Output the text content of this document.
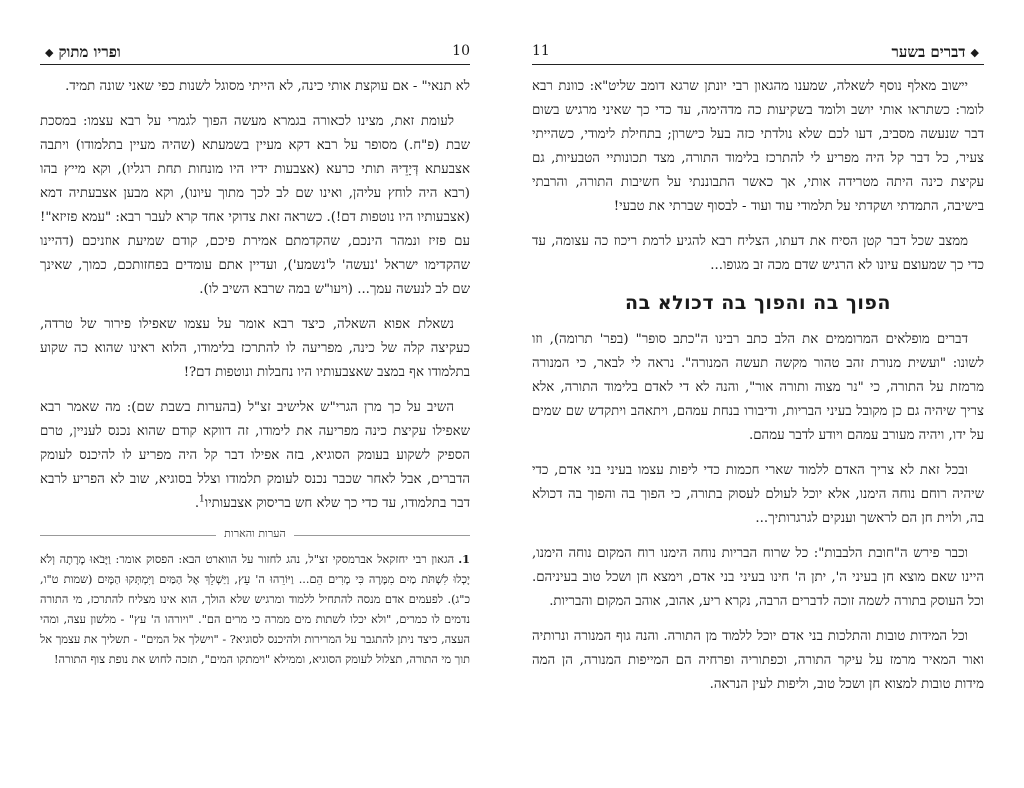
10
ופריו מתוק◆

לא תנאי" - אם עוקצת אותי כינה, לא הייתי מסוגל לשנות כפי שאני שונה תמיד.

לעומת זאת, מצינו לכאורה בגמרא מעשה הפוך לגמרי על רבא עצמו: במסכת שבת (פ"ח.) מסופר על רבא דקא מעיין בשמעתא (שהיה מעיין בתלמודו) ויתבה אצבעתא דְּיָדֵיהּ תותי כרעא (אצבעות ידיו היו מונחות תחת רגליו), וקא מייץ בהו (רבא היה לוחץ עליהן, ואינו שם לב לכך מתוך עיונו), וקא מבען אצבעתיה דמא (אצבעותיו היו נוטפות דם!). כשראה זאת צדוקי אחד קרא לעבר רבא: "עמא פזיזא"! עם פזיז ונמהר הינכם, שהקדמתם אמירת פיכם, קודם שמיעת אוזניכם (דהיינו שהקדימו ישראל 'נעשה' ל'נשמע'), ועדיין אתם עומדים בפחזותכם, כמוך, שאינך שם לב לנעשה עמך... (ויעו"ש במה שרבא השיב לו).

נשאלת אפוא השאלה, כיצד רבא אומר על עצמו שאפילו פירור של טרדה, כעקיצה קלה של כינה, מפריעה לו להתרכז בלימודו, הלוא ראינו שהוא כה שקוע בתלמודו אף במצב שאצבעותיו היו נחבלות ונוטפות דם?!

השיב על כך מרן הגרי"ש אלישיב זצ"ל (בהערות בשבת שם): מה שאמר רבא שאפילו עקיצת כינה מפריעה את לימודו, זה דווקא קודם שהוא נכנס לעניין, טרם הספיק לשקוע בעומק הסוגיא, בזה אפילו דבר קל היה מפריע לו להיכנס לעומק הדברים, אבל לאחר שכבר נכנס לעומק תלמודו וצלל בסוגיא, שוב לא הפריע לרבא דבר בתלמודו, עד כדי כך שלא חש בריסוק אצבעותיו$^1$.

הערות והארות

1.הגאון רבי יחזקאל אברמסקי זצ"ל, נהג לחזור על הווארט הבא: הפסוק אומר: וַיָּבֹאוּ מָרָתָה וְלֹא יָכְלוּ לִשְׁתֹּת מַיִם מִמָּרָה כִּי מָרִים הֵם... וַיּוֹרֵהוּ ה' עֵץ, וַיַּשְׁלֵךְ אֶל הַמַּיִם וַיִּמְתְּקוּ הַמָּיִם (שמות ט"ו, כ"ג). לפעמים אדם מנסה להתחיל ללמוד ומרגיש שלא הולך, הוא אינו מצליח להתרכז, מי התורה נדמים לו כמרים, "ולא יכלו לשתות מים ממרה כי מרים הם". "ויורהו ה' עץ" - מלשון עצה, ומהי העצה, כיצד ניתן להתגבר על המרירות ולהיכנס לסוגיא? - "וישלך אל המים" - תשליך את עצמך אל תוך מי התורה, תצלול לעומק הסוגיא, וממילא "וימתקו המים", תזכה לחוש את נופת צוף התורה!

11	◆דברים בשער

יישוב מאלף נוסף לשאלה, שמענו מהגאון רבי יונתן שרגא דומב שליט"א: כוונת רבא לומר: כשתראו אותי יושב ולומד בשקיעות כה מדהימה, עד כדי כך שאיני מרגיש בשום דבר שנעשה מסביב, דעו לכם שלא נולדתי כזה בעל כישרון; בתחילת לימודי, כשהייתי צעיר, כל דבר קל היה מפריע לי להתרכז בלימוד התורה, מצד תכונותיי הטבעיות, גם עקיצת כינה היתה מטרידה אותי, אך כאשר התבוננתי על חשיבות התורה, והרבתי בישיבה, התמדתי ושקדתי על תלמודי עוד ועוד - לבסוף שברתי את טבעי!

ממצב שכל דבר קטן הסיח את דעתו, הצליח רבא להגיע לרמת ריכוז כה עצומה, עד כדי כך שמעוצם עיונו לא הרגיש שדם מכה זב מגופו...

הפוך בה והפוך בה דכולא בה

דברים מופלאים המרוממים את הלב כתב רבינו ה"כתב סופר" (בפר' תרומה), וזו לשונו: "ועשית מנורת זהב טהור מקשה תעשה המנורה". נראה לי לבאר, כי המנורה מרמזת על התורה, כי "נר מצוה ותורה אור", והנה לא די לאדם בלימוד התורה, אלא צריך שיהיה גם כן מקובל בעיני הבריות, ודיבורו בנחת עמהם, ויתאהב ויתקדש שם שמים על ידו, ויהיה מעורב עמהם ויודע לדבר עמהם.

ובכל זאת לא צריך האדם ללמוד שארי חכמות כדי ליפות עצמו בעיני בני אדם, כדי שיהיה רוחם נוחה הימנו, אלא יוכל לעולם לעסוק בתורה, כי הפוך בה והפוך בה דכולא בה, ולוית חן הם לראשך וענקים לגרגרותיך...

וכבר פירש ה"חובת הלבבות": כל שרוח הבריות נוחה הימנו רוח המקום נוחה הימנו, היינו שאם מוצא חן בעיני ה', יתן ה' חינו בעיני בני אדם, וימצא חן ושכל טוב בעיניהם. וכל העוסק בתורה לשמה זוכה לדברים הרבה, נקרא ריע, אהוב, אוהב המקום והבריות.

וכל המידות טובות והתלכות בני אדם יוכל ללמוד מן התורה. והנה גוף המנורה ונרותיה ואור המאיר מרמז על עיקר התורה, וכפתוריה ופרחיה הם המייפות המנורה, הן המה מידות טובות למצוא חן ושכל טוב, וליפות לעין הנראה.
